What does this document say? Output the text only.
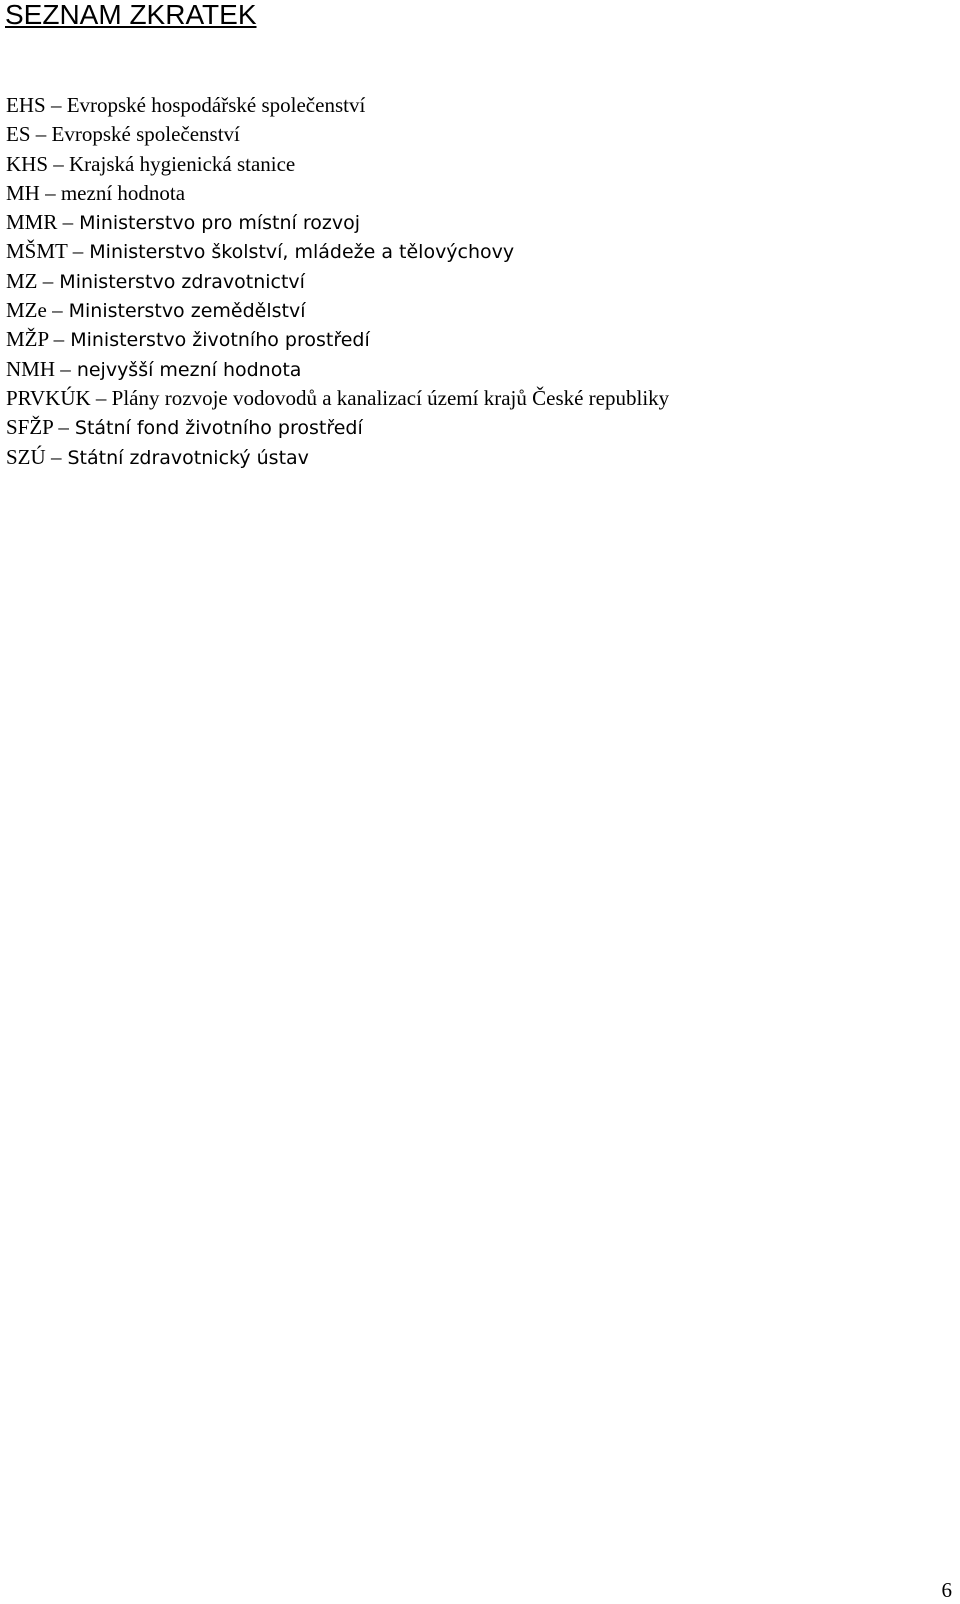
SEZNAM ZKRATEK
EHS – Evropské hospodářské společenství
ES – Evropské společenství
KHS – Krajská hygienická stanice
MH – mezní hodnota
MMR – Ministerstvo pro místní rozvoj
MŠMT – Ministerstvo školství, mládeže a tělovýchovy
MZ – Ministerstvo zdravotnictví
MZe – Ministerstvo zemědělství
MŽP – Ministerstvo životního prostředí
NMH – nejvyšší mezní hodnota
PRVKÚK – Plány rozvoje vodovodů a kanalizací území krajů České republiky
SFŽP – Státní fond životního prostředí
SZÚ – Státní zdravotnický ústav
6
